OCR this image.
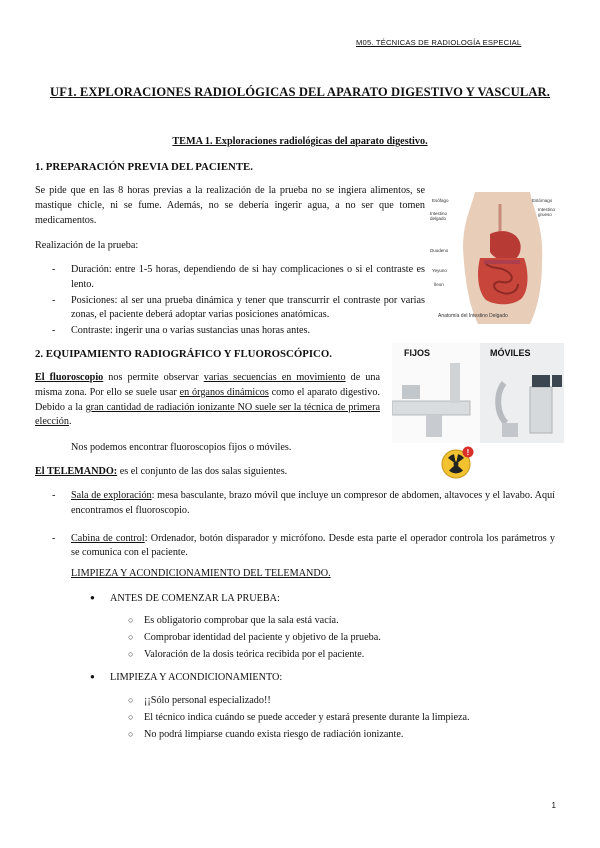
M05. TÉCNICAS DE RADIOLOGÍA ESPECIAL
UF1. EXPLORACIONES RADIOLÓGICAS DEL APARATO DIGESTIVO Y VASCULAR.
TEMA 1. Exploraciones radiológicas del aparato digestivo.
1. PREPARACIÓN PREVIA DEL PACIENTE.

Se pide que en las 8 horas previas a la realización de la prueba no se ingiera alimentos, se mastique chicle, ni se fume. Además, no se debería ingerir agua, a no ser que tomen medicamentos.

Realización de la prueba:

- Duración: entre 1-5 horas, dependiendo de si hay complicaciones o si el contraste es lento.
- Posiciones: al ser una prueba dinámica y tener que transcurrir el contraste por varias zonas, el paciente deberá adoptar varias posiciones anatómicas.
- Contraste: ingerir una o varias sustancias unas horas antes.
Esófago	Estómago
Intestino delgado
Intestino grueso
Duodeno
Yeyuno
Íleon
Anatomía del Intestino Delgado
2. EQUIPAMIENTO RADIOGRÁFICO Y FLUOROSCÓPICO.

El fluoroscopio nos permite observar varias secuencias en movimiento de una misma zona. Por ello se suele usar en órganos dinámicos como el aparato digestivo. Debido a la gran cantidad de radiación ionizante NO suele ser la técnica de primera elección.

Nos podemos encontrar fluoroscopios fijos o móviles.

FIJOS	MÓVILES
!

El TELEMANDO: es el conjunto de las dos salas siguientes.

- Sala de exploración: mesa basculante, brazo móvil que incluye un compresor de abdomen, altavoces y el lavabo. Aquí encontramos el fluoroscopio.
- Cabina de control: Ordenador, botón disparador y micrófono. Desde esta parte el operador controla los parámetros y se comunica con el paciente.

LIMPIEZA Y ACONDICIONAMIENTO DEL TELEMANDO.

● ANTES DE COMENZAR LA PRUEBA:
○ Es obligatorio comprobar que la sala está vacía.
○ Comprobar identidad del paciente y objetivo de la prueba.
○ Valoración de la dosis teórica recibida por el paciente.
● LIMPIEZA Y ACONDICIONAMIENTO:
○ ¡¡Sólo personal especializado!!
○ El técnico indica cuándo se puede acceder y estará presente durante la limpieza.
○ No podrá limpiarse cuando exista riesgo de radiación ionizante.
1
